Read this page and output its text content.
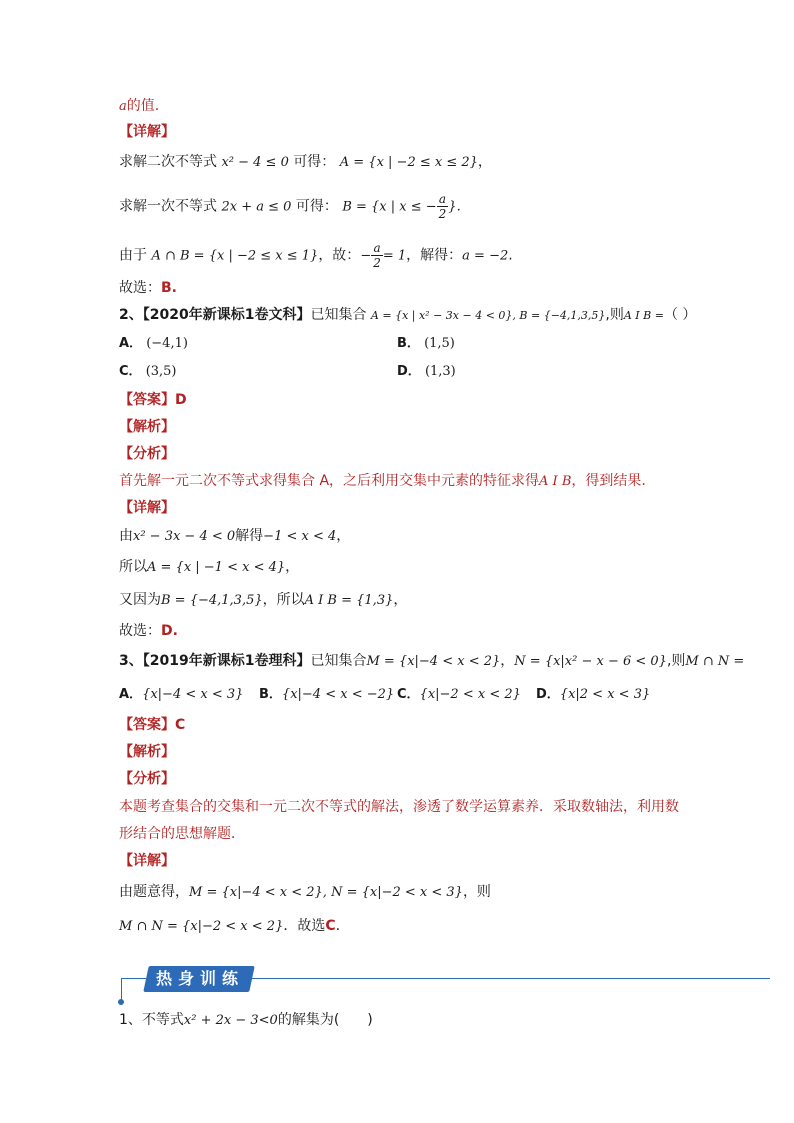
a的值.
【详解】
求解二次不等式 x² − 4 ≤ 0 可得： A = {x | −2 ≤ x ≤ 2}，
求解一次不等式 2x + a ≤ 0 可得： B = {x | x ≤ − $\frac{a}{2}$ }.
由于 A ∩ B = {x | −2 ≤ x ≤ 1}，故：− $\frac{a}{2} = 1$，解得：a = −2.
故选：B.
2、【2020年新课标1卷文科】已知集合 A = {x | x² − 3x − 4 < 0}, B = {−4,1,3,5},则A I B =（ ）
A． (−4,1)	B． (1,5)
C． (3,5)	D． (1,3)
【答案】D
【解析】
【分析】
首先解一元二次不等式求得集合 A，之后利用交集中元素的特征求得A I B，得到结果.
【详解】
由x² − 3x − 4 < 0解得−1 < x < 4，
所以A = {x | −1 < x < 4}，
又因为B = {−4,1,3,5}，所以A I B = {1,3}，
故选：D.
3、【2019年新课标1卷理科】已知集合M = {x|−4 < x < 2}，N = {x|x² − x − 6 < 0},则M ∩ N =
A．{x|−4 < x < 3} B．{x|−4 < x < −2} C．{x|−2 < x < 2} D．{x|2 < x < 3}
【答案】C
【解析】
【分析】
本题考查集合的交集和一元二次不等式的解法，渗透了数学运算素养．采取数轴法，利用数
形结合的思想解题．
【详解】
由题意得，M = {x|−4 < x < 2}, N = {x|−2 < x < 3}，则
M ∩ N = {x|−2 < x < 2}．故选C.
热身训练
1、不等式x² + 2x − 3<0的解集为(　　)
